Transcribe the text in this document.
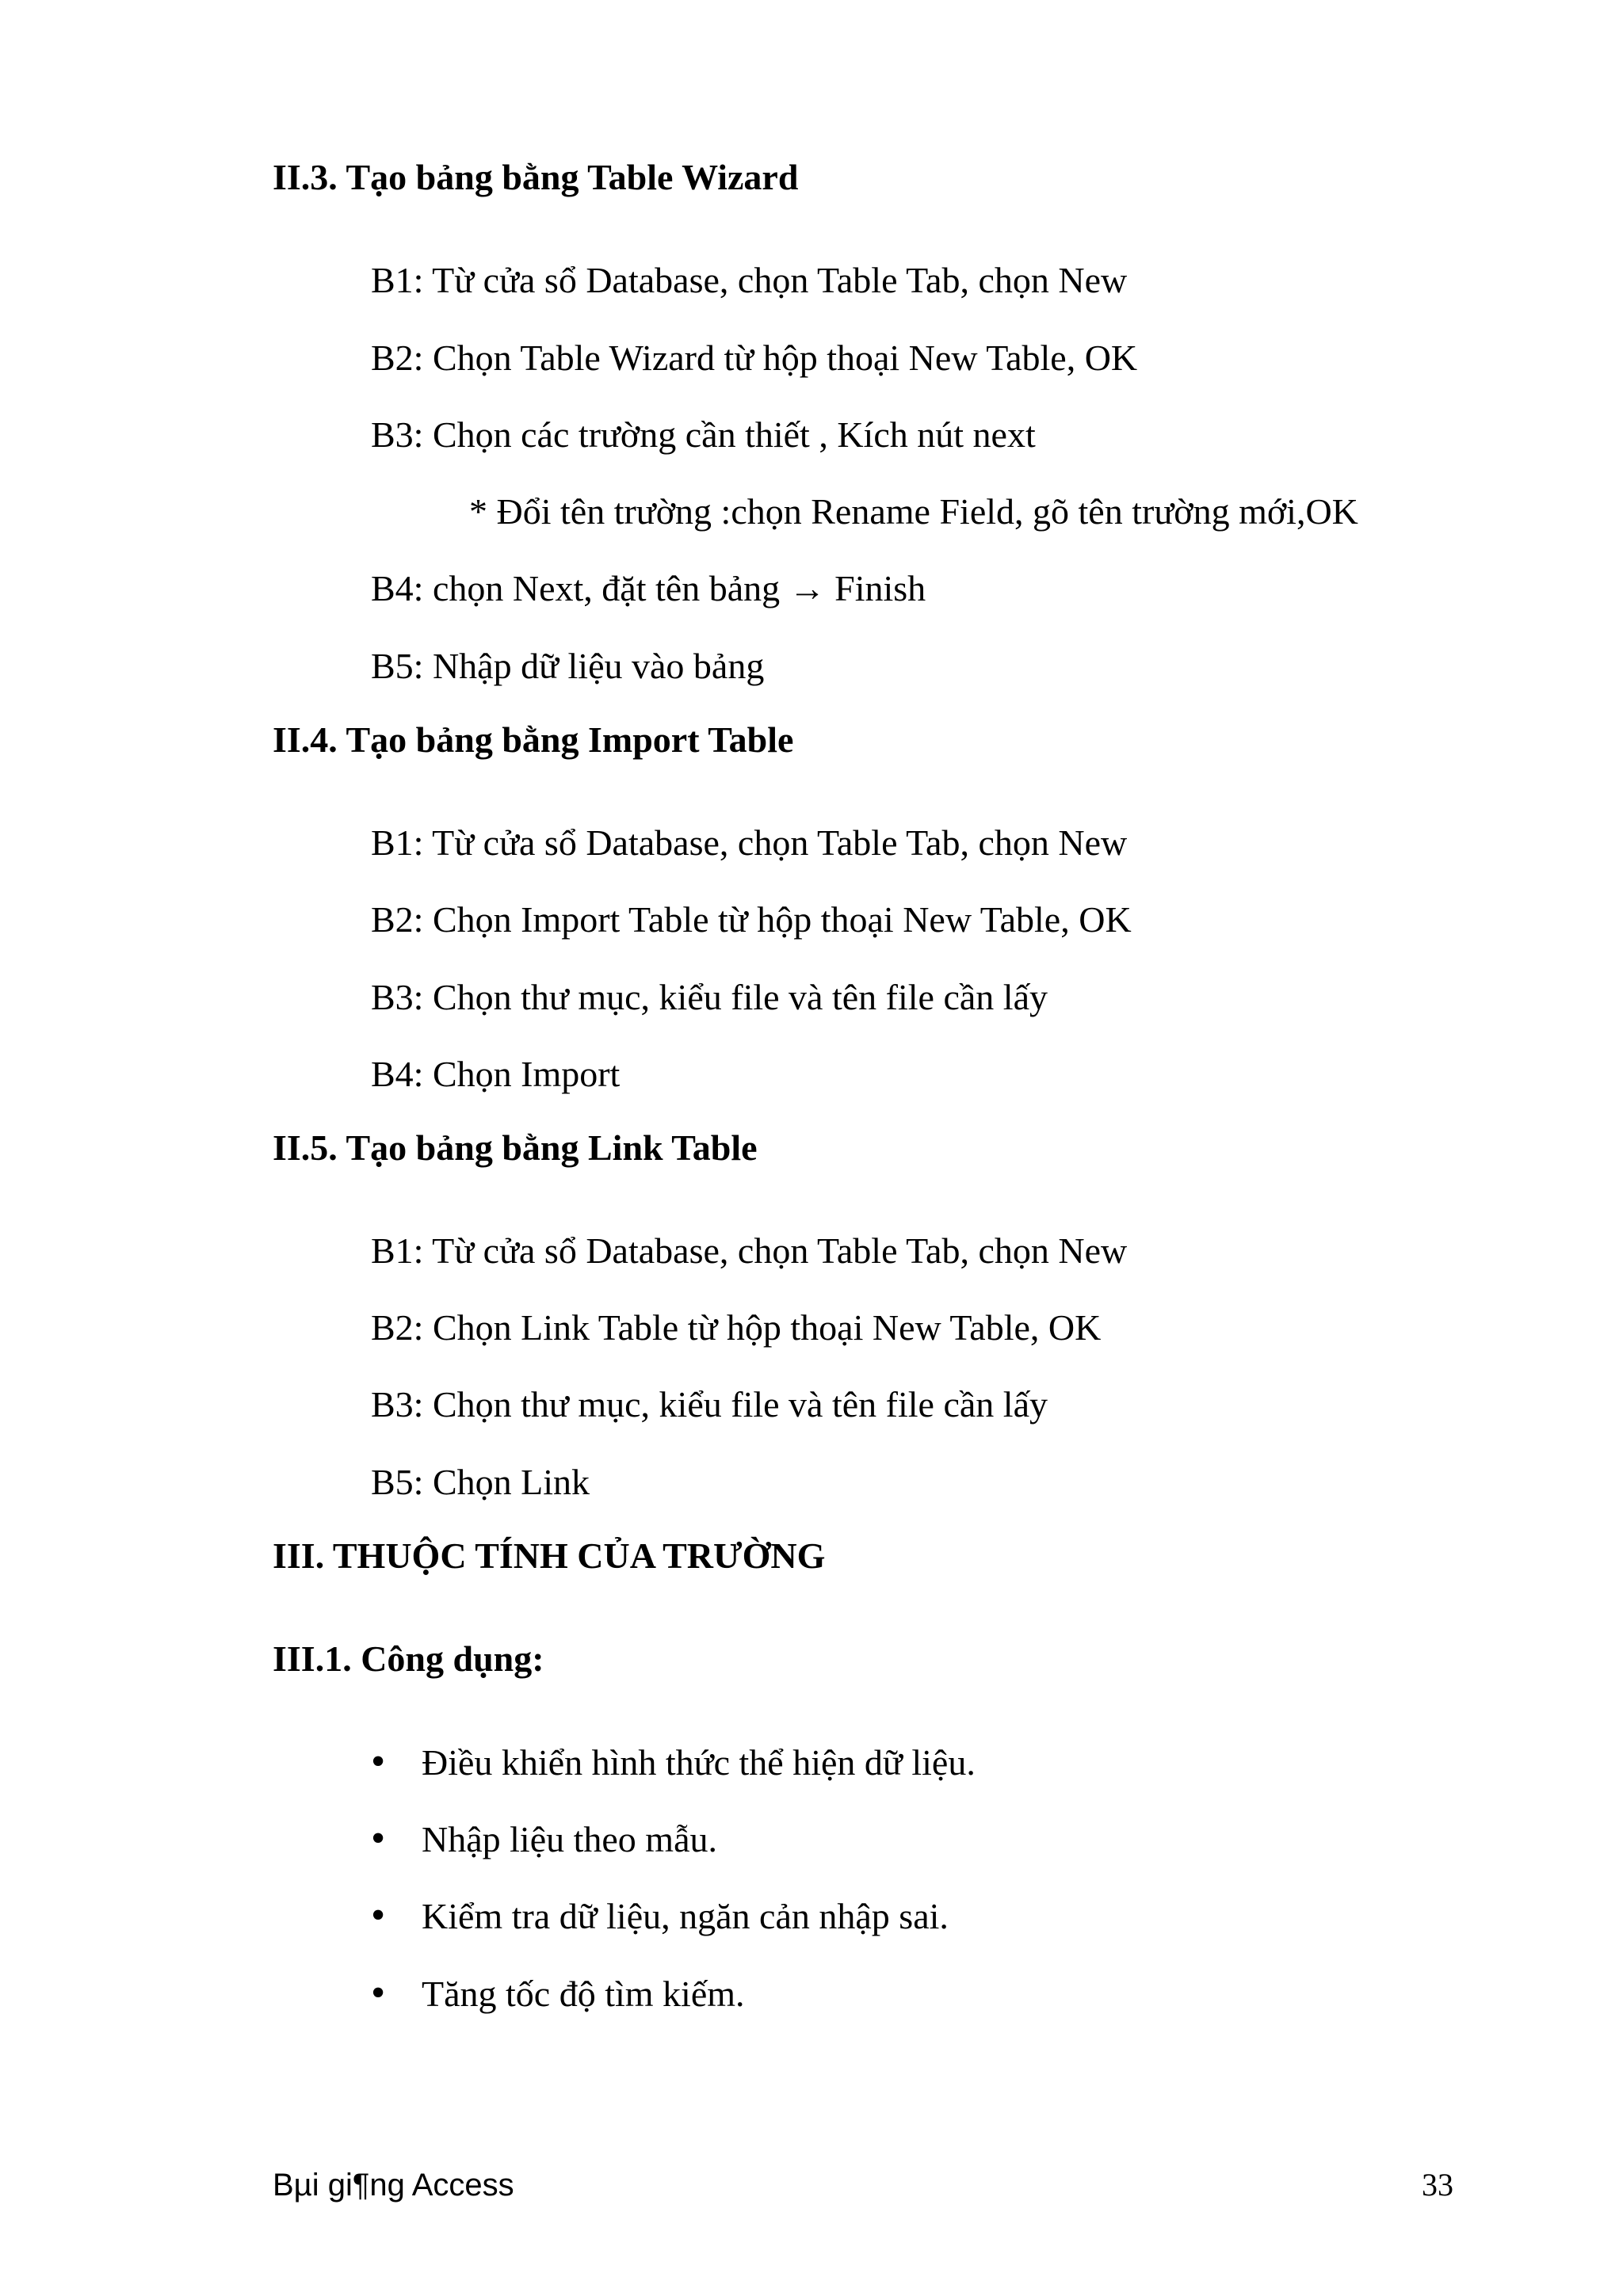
II.3. Tạo bảng bằng Table Wizard
B1: Từ cửa sổ Database, chọn Table Tab, chọn New
B2: Chọn Table Wizard từ hộp thoại New Table, OK
B3: Chọn các trường cần thiết , Kích nút next
* Đổi tên trường :chọn Rename Field, gõ tên trường mới,OK
B4: chọn Next, đặt tên bảng → Finish
B5: Nhập dữ liệu vào bảng
II.4. Tạo bảng bằng Import Table
B1: Từ cửa sổ Database, chọn Table Tab, chọn New
B2: Chọn Import Table từ hộp thoại New Table, OK
B3: Chọn thư mục, kiểu file và tên file cần lấy
B4: Chọn Import
II.5. Tạo bảng bằng Link Table
B1: Từ cửa sổ Database, chọn Table Tab, chọn New
B2: Chọn Link Table từ hộp thoại New Table, OK
B3: Chọn thư mục, kiểu file và tên file cần lấy
B5: Chọn Link
III. THUỘC TÍNH CỦA TRƯỜNG
III.1. Công dụng:
•Điều khiển hình thức thể hiện dữ liệu.
•Nhập liệu theo mẫu.
•Kiểm tra dữ liệu, ngăn cản nhập sai.
•Tăng tốc độ tìm kiếm.
Bµi gi¶ng Access	33
